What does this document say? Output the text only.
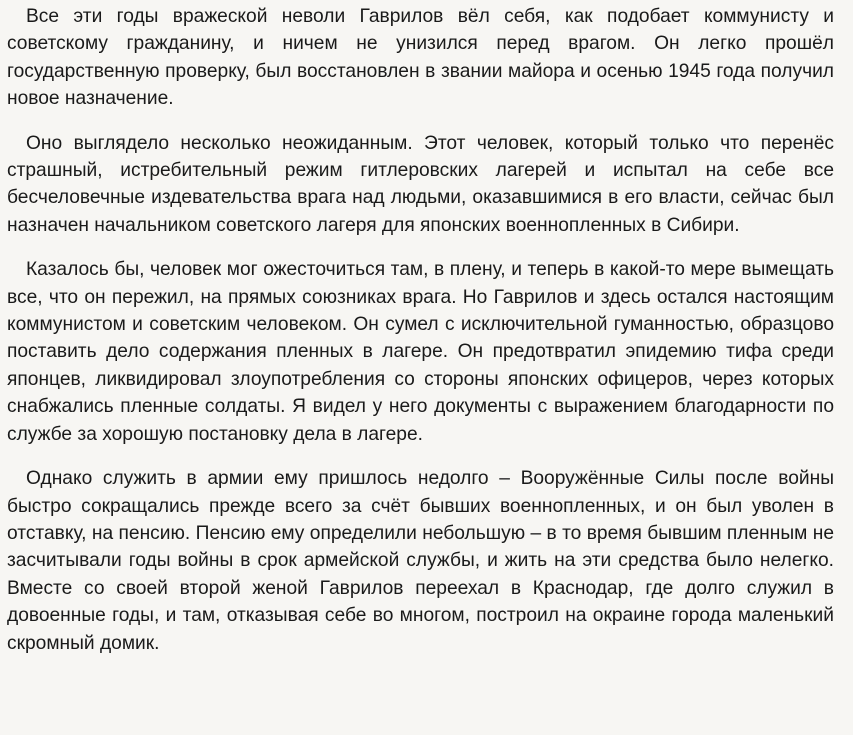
Все эти годы вражеской неволи Гаврилов вёл себя, как подобает коммунисту и советскому гражданину, и ничем не унизился перед врагом. Он легко прошёл государственную проверку, был восстановлен в звании майора и осенью 1945 года получил новое назначение.

Оно выглядело несколько неожиданным. Этот человек, который только что перенёс страшный, истребительный режим гитлеровских лагерей и испытал на себе все бесчеловечные издевательства врага над людьми, оказавшимися в его власти, сейчас был назначен начальником советского лагеря для японских военнопленных в Сибири.

Казалось бы, человек мог ожесточиться там, в плену, и теперь в какой-то мере вымещать все, что он пережил, на прямых союзниках врага. Но Гаврилов и здесь остался настоящим коммунистом и советским человеком. Он сумел с исключительной гуманностью, образцово поставить дело содержания пленных в лагере. Он предотвратил эпидемию тифа среди японцев, ликвидировал злоупотребления со стороны японских офицеров, через которых снабжались пленные солдаты. Я видел у него документы с выражением благодарности по службе за хорошую постановку дела в лагере.

Однако служить в армии ему пришлось недолго – Вооружённые Силы после войны быстро сокращались прежде всего за счёт бывших военнопленных, и он был уволен в отставку, на пенсию. Пенсию ему определили небольшую – в то время бывшим пленным не засчитывали годы войны в срок армейской службы, и жить на эти средства было нелегко. Вместе со своей второй женой Гаврилов переехал в Краснодар, где долго служил в довоенные годы, и там, отказывая себе во многом, построил на окраине города маленький скромный домик.
